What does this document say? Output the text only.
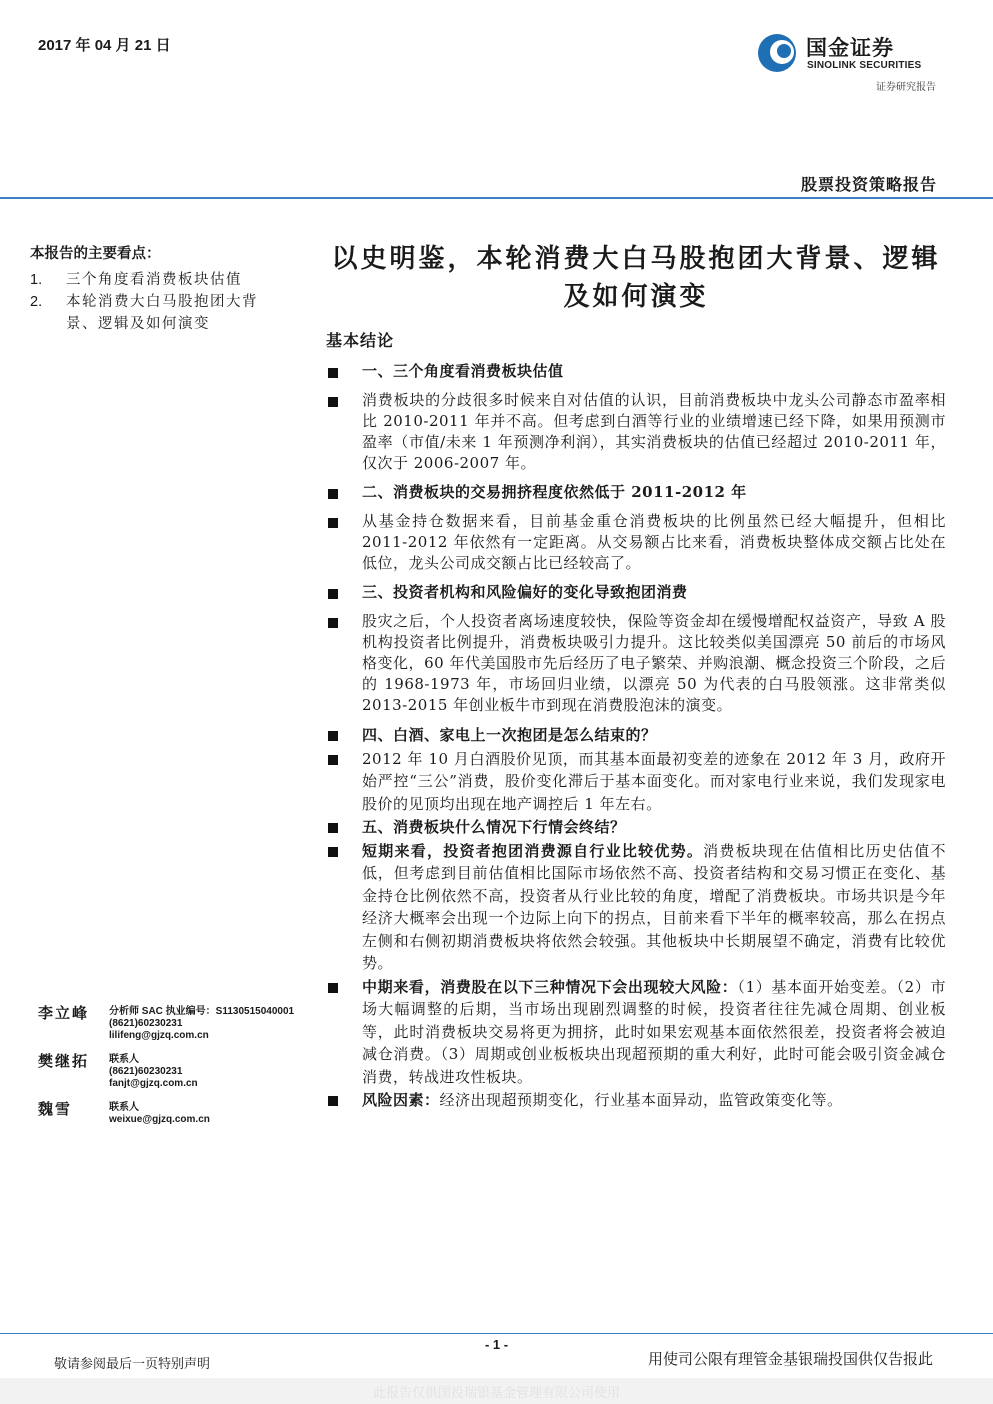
2017 年 04 月 21 日	国金证券
SINOLINK SECURITIES
证券研究报告
股票投资策略报告
本报告的主要看点：
1.	三个角度看消费板块估值
2.	本轮消费大白马股抱团大背景、逻辑及如何演变
李立峰 分析师 SAC 执业编号：S1130515040001
(8621)60230231
lilifeng@gjzq.com.cn
樊继拓 联系人
(8621)60230231
fanjt@gjzq.com.cn
魏雪	联系人
weixue@gjzq.com.cn
以史明鉴，本轮消费大白马股抱团大背景、逻辑及如何演变
基本结论
一、三个角度看消费板块估值
消费板块的分歧很多时候来自对估值的认识，目前消费板块中龙头公司静态市盈率相比 2010-2011 年并不高。但考虑到白酒等行业的业绩增速已经下降，如果用预测市盈率（市值/未来 1 年预测净利润），其实消费板块的估值已经超过 2010-2011 年，仅次于 2006-2007 年。
二、消费板块的交易拥挤程度依然低于 2011-2012 年
从基金持仓数据来看，目前基金重仓消费板块的比例虽然已经大幅提升，但相比 2011-2012 年依然有一定距离。从交易额占比来看，消费板块整体成交额占比处在低位，龙头公司成交额占比已经较高了。
三、投资者机构和风险偏好的变化导致抱团消费
股灾之后，个人投资者离场速度较快，保险等资金却在缓慢增配权益资产，导致 A 股机构投资者比例提升，消费板块吸引力提升。这比较类似美国漂亮 50 前后的市场风格变化，60 年代美国股市先后经历了电子繁荣、并购浪潮、概念投资三个阶段，之后的 1968-1973 年，市场回归业绩，以漂亮 50 为代表的白马股领涨。这非常类似 2013-2015 年创业板牛市到现在消费股泡沫的演变。
四、白酒、家电上一次抱团是怎么结束的？
2012 年 10 月白酒股价见顶，而其基本面最初变差的迹象在 2012 年 3 月，政府开始严控“三公”消费，股价变化滞后于基本面变化。而对家电行业来说，我们发现家电股价的见顶均出现在地产调控后 1 年左右。
五、消费板块什么情况下行情会终结？
短期来看，投资者抱团消费源自行业比较优势。消费板块现在估值相比历史估值不低，但考虑到目前估值相比国际市场依然不高、投资者结构和交易习惯正在变化、基金持仓比例依然不高，投资者从行业比较的角度，增配了消费板块。市场共识是今年经济大概率会出现一个边际上向下的拐点，目前来看下半年的概率较高，那么在拐点左侧和右侧初期消费板块将依然会较强。其他板块中长期展望不确定，消费有比较优势。
中期来看，消费股在以下三种情况下会出现较大风险：（1）基本面开始变差。（2）市场大幅调整的后期，当市场出现剧烈调整的时候，投资者往往先减仓周期、创业板等，此时消费板块交易将更为拥挤，此时如果宏观基本面依然很差，投资者将会被迫减仓消费。（3）周期或创业板板块出现超预期的重大利好，此时可能会吸引资金减仓消费，转战进攻性板块。
风险因素：经济出现超预期变化，行业基本面异动，监管政策变化等。
- 1 -
敬请参阅最后一页特别声明	用使司公限有理管金基银瑞投国供仅告报此
此报告仅供国投瑞银基金管理有限公司使用
